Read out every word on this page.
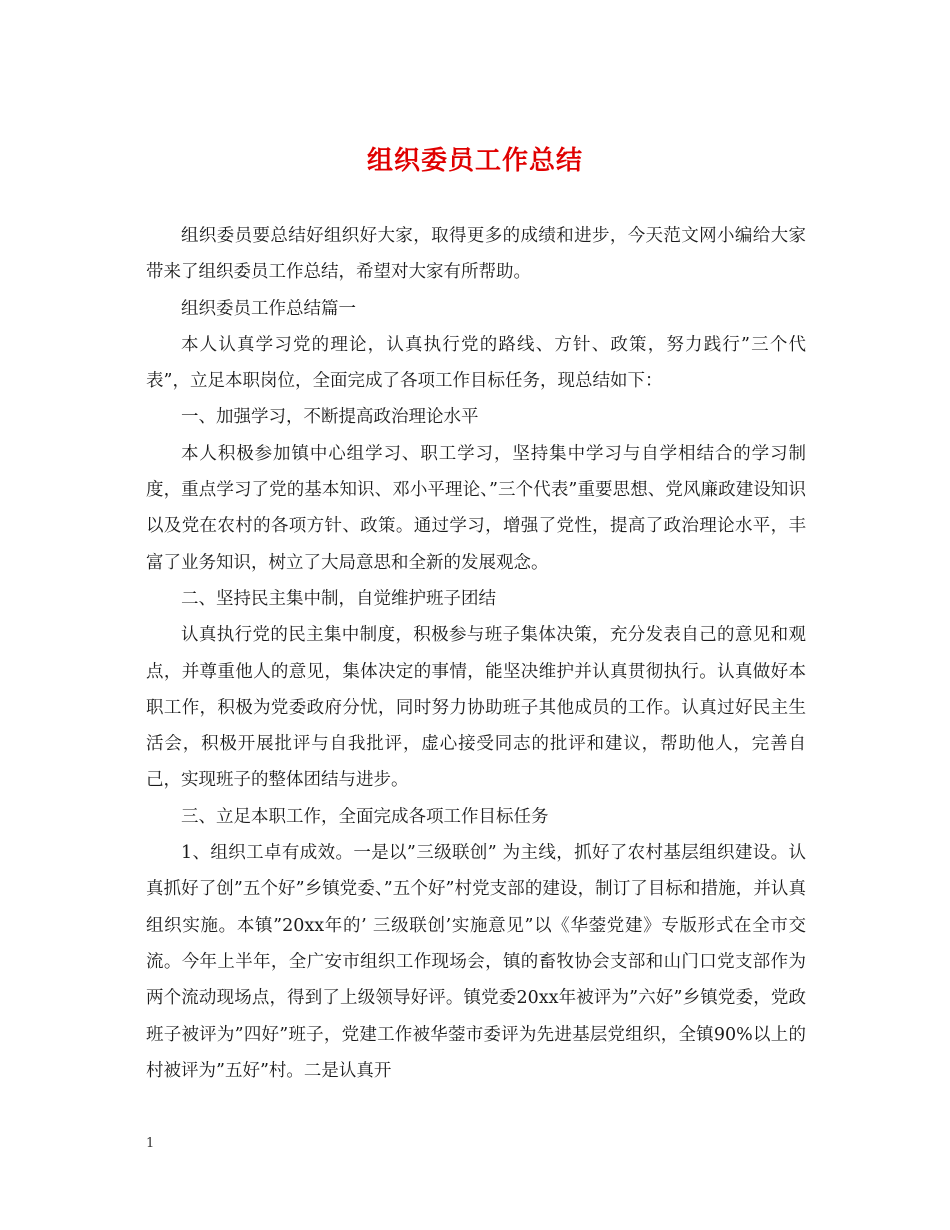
组织委员工作总结

组织委员要总结好组织好大家，取得更多的成绩和进步，今天范文网小编给大家带来了组织委员工作总结，希望对大家有所帮助。

组织委员工作总结篇一

本人认真学习党的理论，认真执行党的路线、方针、政策，努力践行”三个代表”，立足本职岗位，全面完成了各项工作目标任务，现总结如下：

一、加强学习，不断提高政治理论水平

本人积极参加镇中心组学习、职工学习，坚持集中学习与自学相结合的学习制度，重点学习了党的基本知识、邓小平理论、”三个代表”重要思想、党风廉政建设知识以及党在农村的各项方针、政策。通过学习，增强了党性，提高了政治理论水平，丰富了业务知识，树立了大局意思和全新的发展观念。

二、坚持民主集中制，自觉维护班子团结

认真执行党的民主集中制度，积极参与班子集体决策，充分发表自己的意见和观点，并尊重他人的意见，集体决定的事情，能坚决维护并认真贯彻执行。认真做好本职工作，积极为党委政府分忧，同时努力协助班子其他成员的工作。认真过好民主生活会，积极开展批评与自我批评，虚心接受同志的批评和建议，帮助他人，完善自己，实现班子的整体团结与进步。

三、立足本职工作，全面完成各项工作目标任务

1、组织工卓有成效。一是以”三级联创” 为主线，抓好了农村基层组织建设。认真抓好了创”五个好”乡镇党委、”五个好”村党支部的建设，制订了目标和措施，并认真组织实施。本镇”20xx年的’ 三级联创’实施意见”以《华蓥党建》专版形式在全市交流。今年上半年，全广安市组织工作现场会，镇的畜牧协会支部和山门口党支部作为两个流动现场点，得到了上级领导好评。镇党委20xx年被评为”六好”乡镇党委，党政班子被评为”四好”班子，党建工作被华蓥市委评为先进基层党组织，全镇90%以上的村被评为”五好”村。二是认真开

1
